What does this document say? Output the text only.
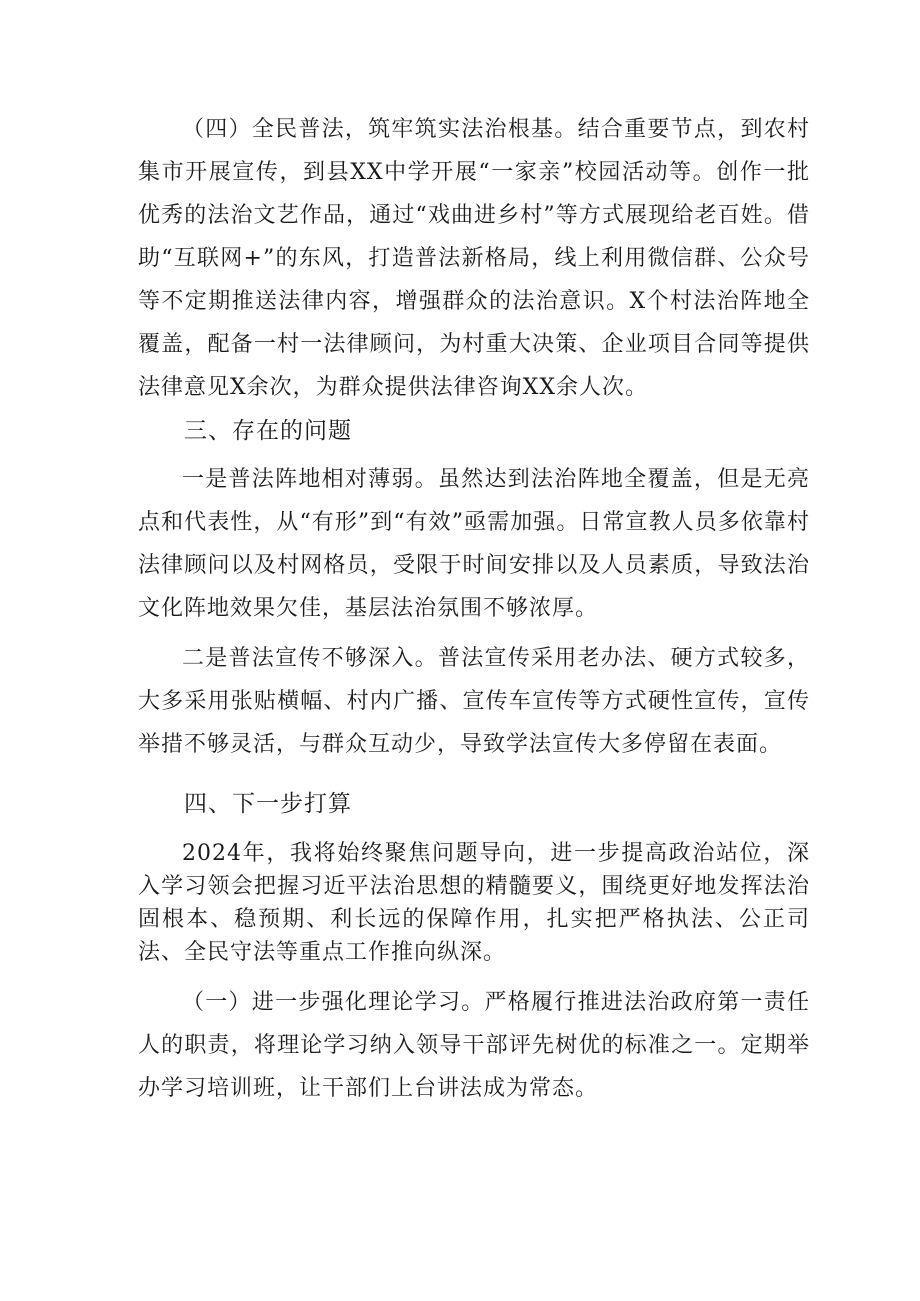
（四）全民普法，筑牢筑实法治根基。结合重要节点，到农村集市开展宣传，到县XX中学开展“一家亲”校园活动等。创作一批优秀的法治文艺作品，通过“戏曲进乡村”等方式展现给老百姓。借助“互联网+”的东风，打造普法新格局，线上利用微信群、公众号等不定期推送法律内容，增强群众的法治意识。X个村法治阵地全覆盖，配备一村一法律顾问，为村重大决策、企业项目合同等提供法律意见X余次，为群众提供法律咨询XX余人次。

三、存在的问题

一是普法阵地相对薄弱。虽然达到法治阵地全覆盖，但是无亮点和代表性，从“有形”到“有效”亟需加强。日常宣教人员多依靠村法律顾问以及村网格员，受限于时间安排以及人员素质，导致法治文化阵地效果欠佳，基层法治氛围不够浓厚。

二是普法宣传不够深入。普法宣传采用老办法、硬方式较多，大多采用张贴横幅、村内广播、宣传车宣传等方式硬性宣传，宣传举措不够灵活，与群众互动少，导致学法宣传大多停留在表面。

四、下一步打算

2024年，我将始终聚焦问题导向，进一步提高政治站位，深入学习领会把握习近平法治思想的精髓要义，围绕更好地发挥法治固根本、稳预期、利长远的保障作用，扎实把严格执法、公正司法、全民守法等重点工作推向纵深。

（一）进一步强化理论学习。严格履行推进法治政府第一责任人的职责，将理论学习纳入领导干部评先树优的标准之一。定期举办学习培训班，让干部们上台讲法成为常态。
